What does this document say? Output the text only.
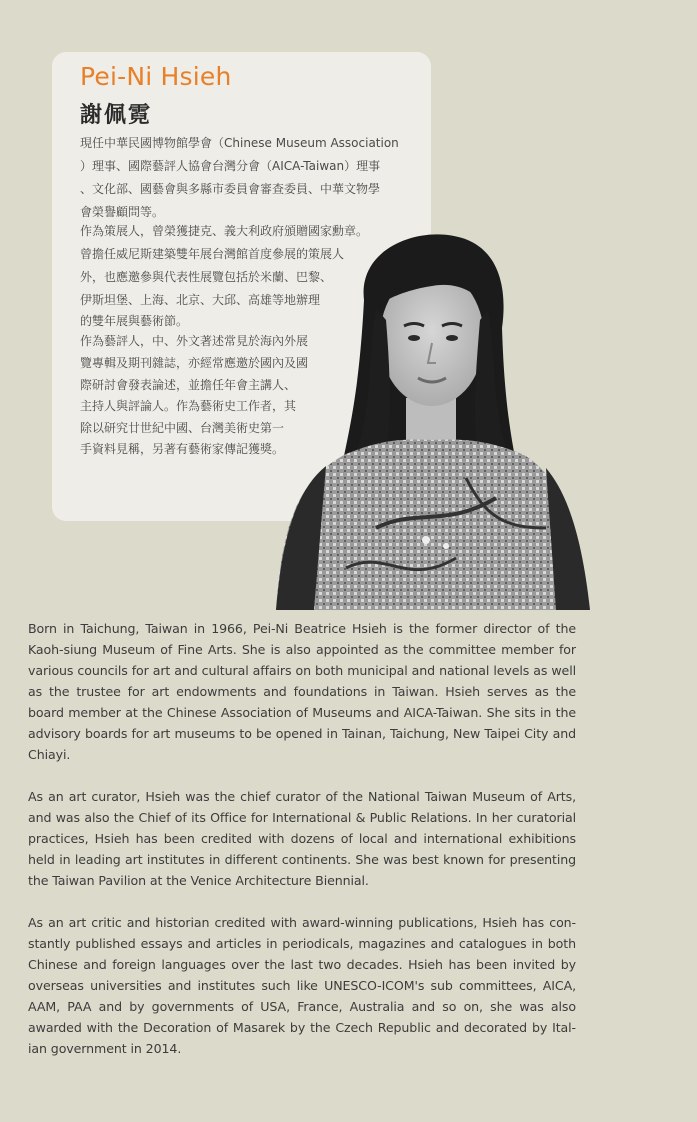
Pei-Ni Hsieh
謝佩霓

現任中華民國博物館學會（Chinese Museum Association

）理事、國際藝評人協會台灣分會（AICA-Taiwan）理事

、文化部、國藝會與多縣市委員會審查委員、中華文物學

會榮譽顧問等。

作為策展人，曾榮獲捷克、義大利政府頒贈國家勳章。

曾擔任威尼斯建築雙年展台灣館首度參展的策展人

外，也應邀參與代表性展覽包括於米蘭、巴黎、

伊斯坦堡、上海、北京、大邱、高雄等地辦理

的雙年展與藝術節。

作為藝評人，中、外文著述常見於海內外展

覽專輯及期刊雜誌，亦經常應邀於國內及國

際研討會發表論述，並擔任年會主講人、

主持人與評論人。作為藝術史工作者，其

除以研究廿世紀中國、台灣美術史第一

手資料見稱，另著有藝術家傳記獲獎。

Born in Taichung, Taiwan in 1966, Pei-Ni Beatrice Hsieh is the former director of the Kaoh-siung Museum of Fine Arts. She is also appointed as the committee member for various councils for art and cultural affairs on both municipal and national levels as well as the trustee for art endowments and foundations in Taiwan. Hsieh serves as the board member at the Chinese Association of Museums and AICA-Taiwan. She sits in the advisory boards for art museums to be opened in Tainan, Taichung, New Taipei City and Chiayi.

As an art curator, Hsieh was the chief curator of the National Taiwan Museum of Arts, and was also the Chief of its Office for International & Public Relations. In her curatorial practices, Hsieh has been credited with dozens of local and international exhibitions held in leading art institutes in different continents. She was best known for presenting the Taiwan Pavilion at the Venice Architecture Biennial.

As an art critic and historian credited with award-winning publications, Hsieh has con-stantly published essays and articles in periodicals, magazines and catalogues in both Chinese and foreign languages over the last two decades. Hsieh has been invited by overseas universities and institutes such like UNESCO-ICOM's sub committees, AICA, AAM, PAA and by governments of USA, France, Australia and so on, she was also awarded with the Decoration of Masarek by the Czech Republic and decorated by Ital-ian government in 2014.
